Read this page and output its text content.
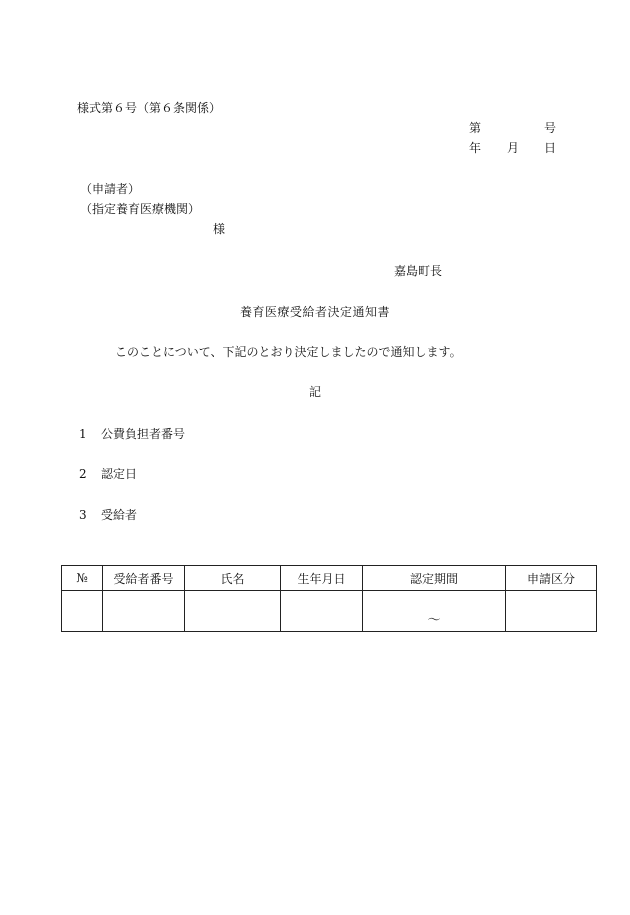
様式第６号（第６条関係）
第	号
年 月 日
（申請者）
（指定養育医療機関）
様
嘉島町長
養育医療受給者決定通知書
このことについて、下記のとおり決定しましたので通知します。
記
1 公費負担者番号
2 認定日
3 受給者
№	受給者番号	氏名	生年月日	認定期間	申請区分

				～	
